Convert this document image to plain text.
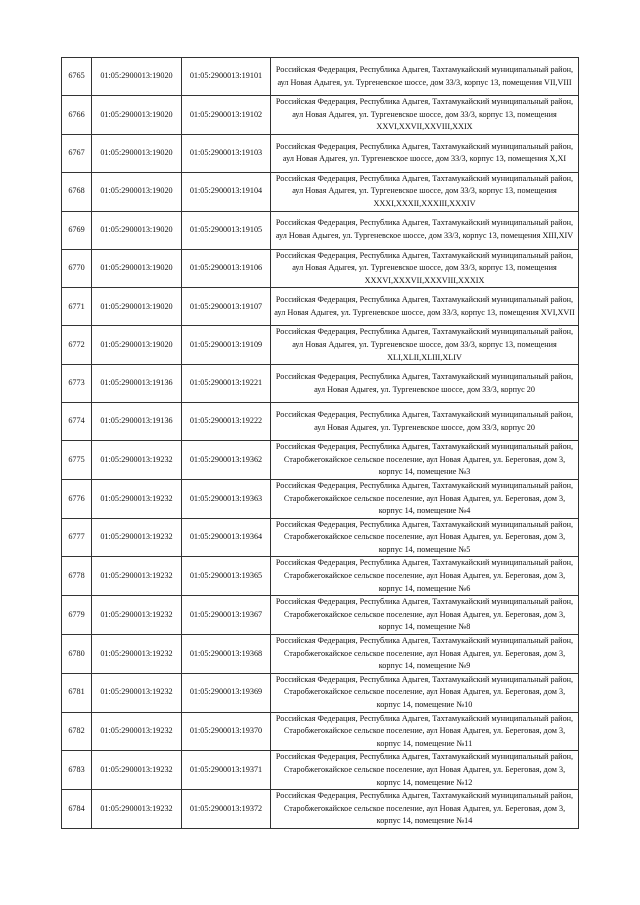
6765	01:05:2900013:19020	01:05:2900013:19101	Российская Федерация, Республика Адыгея, Тахтамукайский муниципальный район, аул Новая Адыгея, ул. Тургеневское шоссе, дом 33/3, корпус 13, помещения VII,VIII
6766	01:05:2900013:19020	01:05:2900013:19102	Российская Федерация, Республика Адыгея, Тахтамукайский муниципальный район, аул Новая Адыгея, ул. Тургеневское шоссе, дом 33/3, корпус 13, помещения XXVI,XXVII,XXVIII,XXIX
6767	01:05:2900013:19020	01:05:2900013:19103	Российская Федерация, Республика Адыгея, Тахтамукайский муниципальный район, аул Новая Адыгея, ул. Тургеневское шоссе, дом 33/3, корпус 13, помещения X,XI
6768	01:05:2900013:19020	01:05:2900013:19104	Российская Федерация, Республика Адыгея, Тахтамукайский муниципальный район, аул Новая Адыгея, ул. Тургеневское шоссе, дом 33/3, корпус 13, помещения XXXI,XXXII,XXXIII,XXXIV
6769	01:05:2900013:19020	01:05:2900013:19105	Российская Федерация, Республика Адыгея, Тахтамукайский муниципальный район, аул Новая Адыгея, ул. Тургеневское шоссе, дом 33/3, корпус 13, помещения XIII,XIV
6770	01:05:2900013:19020	01:05:2900013:19106	Российская Федерация, Республика Адыгея, Тахтамукайский муниципальный район, аул Новая Адыгея, ул. Тургеневское шоссе, дом 33/3, корпус 13, помещения XXXVI,XXXVII,XXXVIII,XXXIX
6771	01:05:2900013:19020	01:05:2900013:19107	Российская Федерация, Республика Адыгея, Тахтамукайский муниципальный район, аул Новая Адыгея, ул. Тургеневское шоссе, дом 33/3, корпус 13, помещения XVI,XVII
6772	01:05:2900013:19020	01:05:2900013:19109	Российская Федерация, Республика Адыгея, Тахтамукайский муниципальный район, аул Новая Адыгея, ул. Тургеневское шоссе, дом 33/3, корпус 13, помещения XLI,XLII,XLIII,XLIV
6773	01:05:2900013:19136	01:05:2900013:19221	Российская Федерация, Республика Адыгея, Тахтамукайский муниципальный район, аул Новая Адыгея, ул. Тургеневское шоссе, дом 33/3, корпус 20
6774	01:05:2900013:19136	01:05:2900013:19222	Российская Федерация, Республика Адыгея, Тахтамукайский муниципальный район, аул Новая Адыгея, ул. Тургеневское шоссе, дом 33/3, корпус 20
6775	01:05:2900013:19232	01:05:2900013:19362	Российская Федерация, Республика Адыгея, Тахтамукайский муниципальный район, Старобжегокайское сельское поселение, аул Новая Адыгея, ул. Береговая, дом 3, корпус 14, помещение №3
6776	01:05:2900013:19232	01:05:2900013:19363	Российская Федерация, Республика Адыгея, Тахтамукайский муниципальный район, Старобжегокайское сельское поселение, аул Новая Адыгея, ул. Береговая, дом 3, корпус 14, помещение №4
6777	01:05:2900013:19232	01:05:2900013:19364	Российская Федерация, Республика Адыгея, Тахтамукайский муниципальный район, Старобжегокайское сельское поселение, аул Новая Адыгея, ул. Береговая, дом 3, корпус 14, помещение №5
6778	01:05:2900013:19232	01:05:2900013:19365	Российская Федерация, Республика Адыгея, Тахтамукайский муниципальный район, Старобжегокайское сельское поселение, аул Новая Адыгея, ул. Береговая, дом 3, корпус 14, помещение №6
6779	01:05:2900013:19232	01:05:2900013:19367	Российская Федерация, Республика Адыгея, Тахтамукайский муниципальный район, Старобжегокайское сельское поселение, аул Новая Адыгея, ул. Береговая, дом 3, корпус 14, помещение №8
6780	01:05:2900013:19232	01:05:2900013:19368	Российская Федерация, Республика Адыгея, Тахтамукайский муниципальный район, Старобжегокайское сельское поселение, аул Новая Адыгея, ул. Береговая, дом 3, корпус 14, помещение №9
6781	01:05:2900013:19232	01:05:2900013:19369	Российская Федерация, Республика Адыгея, Тахтамукайский муниципальный район, Старобжегокайское сельское поселение, аул Новая Адыгея, ул. Береговая, дом 3, корпус 14, помещение №10
6782	01:05:2900013:19232	01:05:2900013:19370	Российская Федерация, Республика Адыгея, Тахтамукайский муниципальный район, Старобжегокайское сельское поселение, аул Новая Адыгея, ул. Береговая, дом 3, корпус 14, помещение №11
6783	01:05:2900013:19232	01:05:2900013:19371	Российская Федерация, Республика Адыгея, Тахтамукайский муниципальный район, Старобжегокайское сельское поселение, аул Новая Адыгея, ул. Береговая, дом 3, корпус 14, помещение №12
6784	01:05:2900013:19232	01:05:2900013:19372	Российская Федерация, Республика Адыгея, Тахтамукайский муниципальный район, Старобжегокайское сельское поселение, аул Новая Адыгея, ул. Береговая, дом 3, корпус 14, помещение №14
